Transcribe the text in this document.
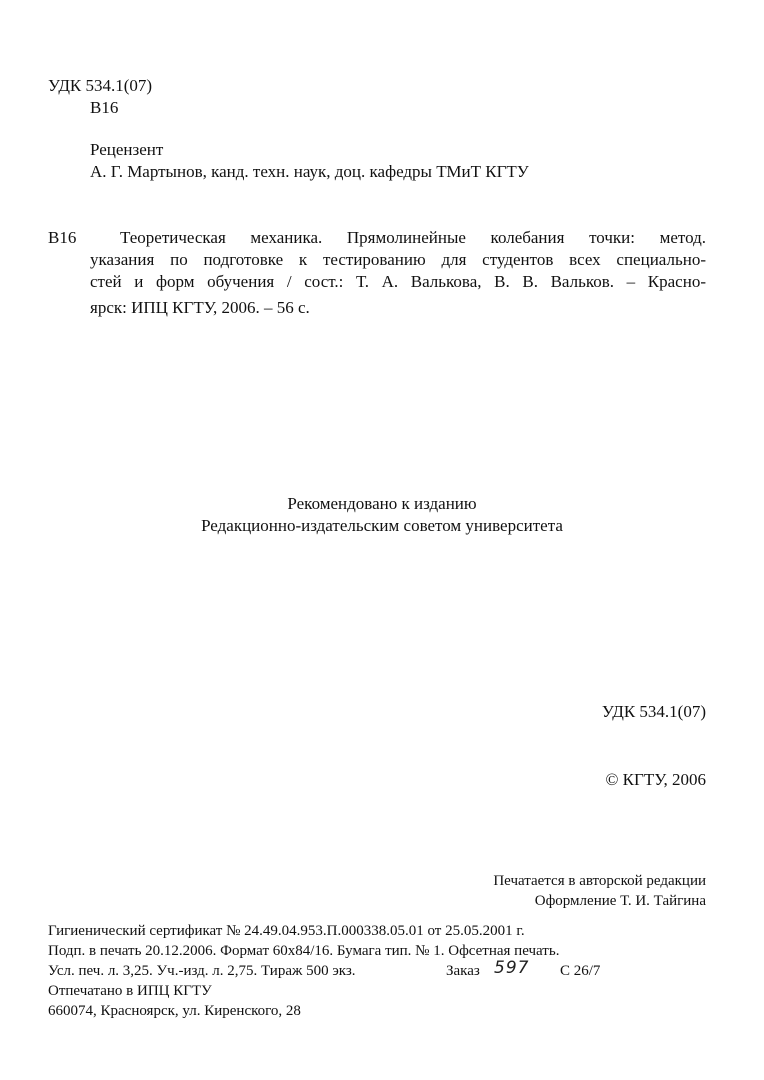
УДК 534.1(07)
B16
Рецензент
А. Г. Мартынов, канд. техн. наук, доц. кафедры ТМиТ КГТУ
B16	Теоретическая механика. Прямолинейные колебания точки: метод.
указания по подготовке к тестированию для студентов всех специально-
стей и форм обучения / сост.: Т. А. Валькова, В. В. Вальков. – Красно-
ярск: ИПЦ КГТУ, 2006. – 56 с.
Рекомендовано к изданию
Редакционно-издательским советом университета
УДК 534.1(07)
© КГТУ, 2006
Печатается в авторской редакции
Оформление Т. И. Тайгина
Гигиенический сертификат № 24.49.04.953.П.000338.05.01 от 25.05.2001 г.
Подп. в печать 20.12.2006. Формат 60х84/16. Бумага тип. № 1. Офсетная печать.
Усл. печ. л. 3,25. Уч.-изд. л. 2,75. Тираж 500 экз.	Заказ 597 С 26/7
Отпечатано в ИПЦ КГТУ
660074, Красноярск, ул. Киренского, 28
